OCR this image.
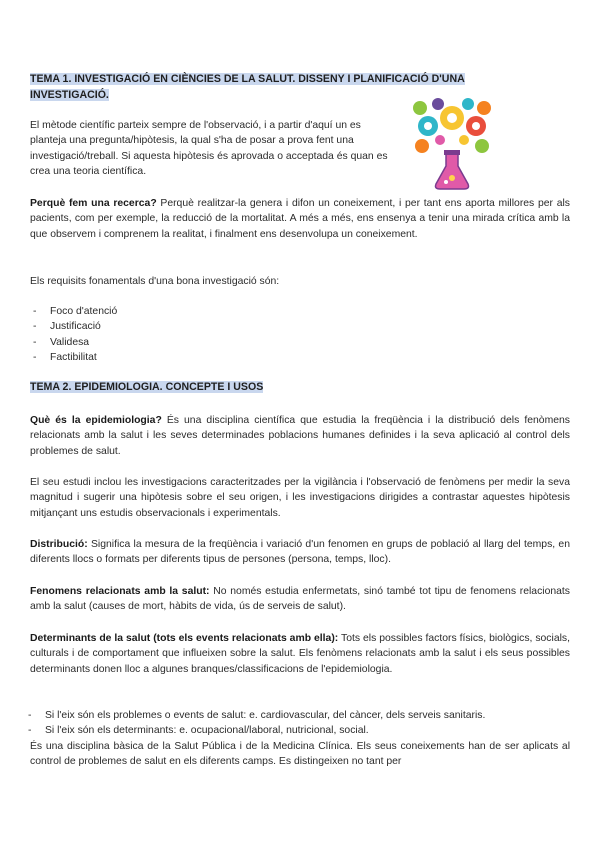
TEMA 1. INVESTIGACIÓ EN CIÈNCIES DE LA SALUT. DISSENY I PLANIFICACIÓ D'UNA INVESTIGACIÓ.

El mètode científic parteix sempre de l'observació, i a partir d'aquí un es planteja una pregunta/hipòtesis, la qual s'ha de posar a prova fent una investigació/treball. Si aquesta hipòtesis és aprovada o acceptada és quan es crea una teoria científica.

Perquè fem una recerca? Perquè realitzar-la genera i difon un coneixement, i per tant ens aporta millores per als pacients, com per exemple, la reducció de la mortalitat. A més a més, ens ensenya a tenir una mirada crítica amb la que observem i comprenem la realitat, i finalment ens desenvolupa un coneixement.

Els requisits fonamentals d'una bona investigació són:

- Foco d'atenció
- Justificació
- Validesa
- Factibilitat
TEMA 2. EPIDEMIOLOGIA. CONCEPTE I USOS

Què és la epidemiologia? És una disciplina científica que estudia la freqüència i la distribució dels fenòmens relacionats amb la salut i les seves determinades poblacions humanes definides i la seva aplicació al control dels problemes de salut.

El seu estudi inclou les investigacions caracteritzades per la vigilància i l'observació de fenòmens per medir la seva magnitud i sugerir una hipòtesis sobre el seu origen, i les investigacions dirigides a contrastar aquestes hipòtesis mitjançant uns estudis observacionals i experimentals.

Distribució: Significa la mesura de la freqüència i variació d'un fenomen en grups de població al llarg del temps, en diferents llocs o formats per diferents tipus de persones (persona, temps, lloc).

Fenomens relacionats amb la salut: No només estudia enfermetats, sinó també tot tipu de fenomens relacionats amb la salut (causes de mort, hàbits de vida, ús de serveis de salut).

Determinants de la salut (tots els events relacionats amb ella): Tots els possibles factors físics, biològics, socials, culturals i de comportament que influeixen sobre la salut. Els fenòmens relacionats amb la salut i els seus possibles determinants donen lloc a algunes branques/classificacions de l'epidemiologia.

- Si l'eix són els problemes o events de salut: e. cardiovascular, del càncer, dels serveis sanitaris.
- Si l'eix són els determinants: e. ocupacional/laboral, nutricional, social.

És una disciplina bàsica de la Salut Pública i de la Medicina Clínica. Els seus coneixements han de ser aplicats al control de problemes de salut en els diferents camps. Es distingeixen no tant per
